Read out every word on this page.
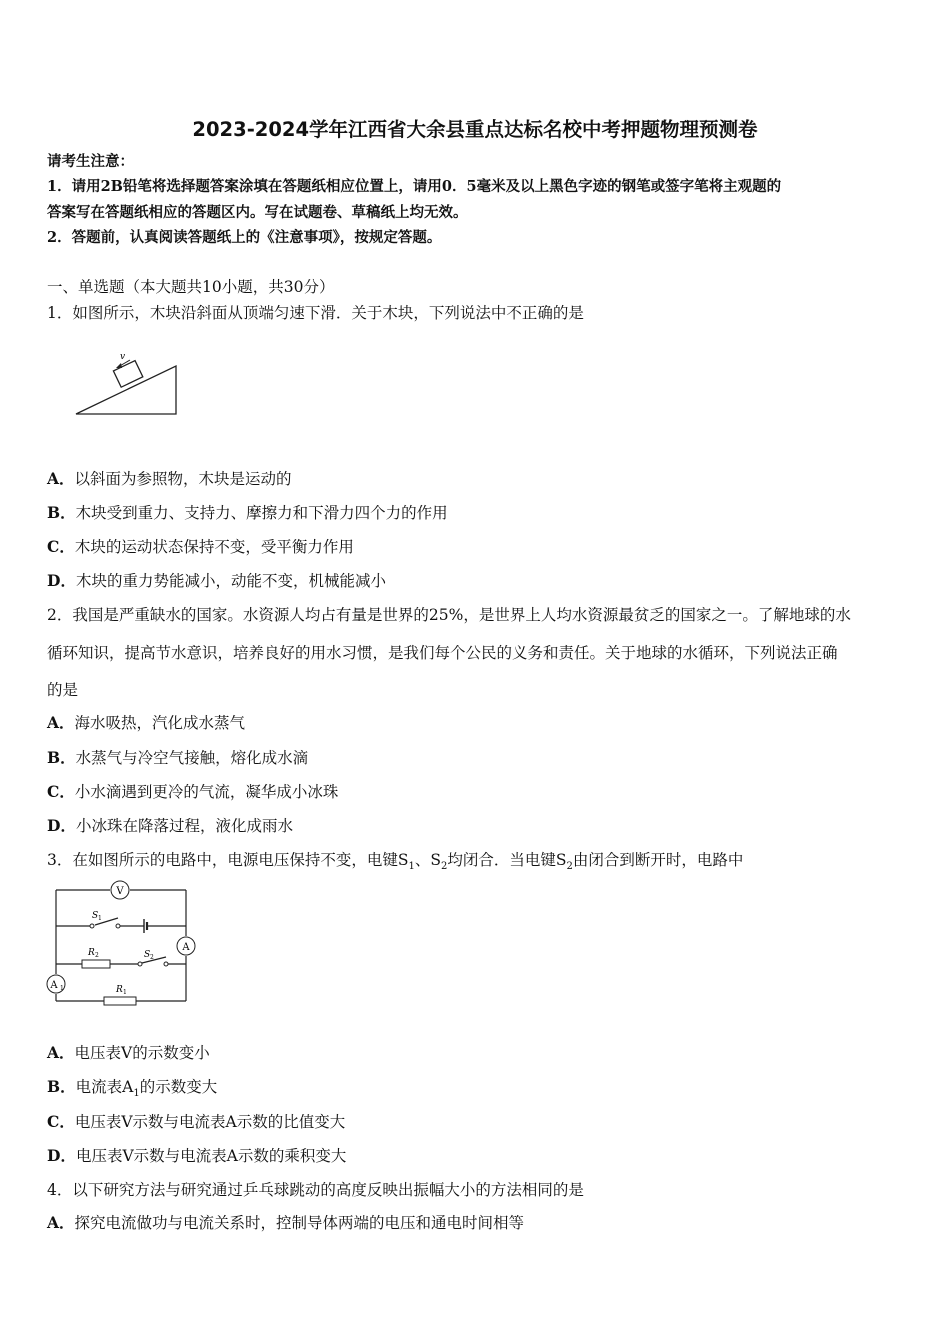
2023-2024学年江西省大余县重点达标名校中考押题物理预测卷
请考生注意：
1．请用2B铅笔将选择题答案涂填在答题纸相应位置上，请用0．5毫米及以上黑色字迹的钢笔或签字笔将主观题的
答案写在答题纸相应的答题区内。写在试题卷、草稿纸上均无效。
2．答题前，认真阅读答题纸上的《注意事项》，按规定答题。
一、单选题（本大题共10小题，共30分）
1．如图所示，木块沿斜面从顶端匀速下滑．关于木块，下列说法中不正确的是
v
A．以斜面为参照物，木块是运动的
B．木块受到重力、支持力、摩擦力和下滑力四个力的作用
C．木块的运动状态保持不变，受平衡力作用
D．木块的重力势能减小，动能不变，机械能减小
2．我国是严重缺水的国家。水资源人均占有量是世界的25%，是世界上人均水资源最贫乏的国家之一。了解地球的水
循环知识，提高节水意识，培养良好的用水习惯，是我们每个公民的义务和责任。关于地球的水循环，下列说法正确
的是
A．海水吸热，汽化成水蒸气
B．水蒸气与冷空气接触，熔化成水滴
C．小水滴遇到更冷的气流，凝华成小冰珠
D．小冰珠在降落过程，液化成雨水
3．在如图所示的电路中，电源电压保持不变，电键$S_1$、$S_2$均闭合．当电键$S_2$由闭合到断开时，电路中
V
A
A 1
S 1
S 2
R 2
R 1
A．电压表V的示数变小
B．电流表$A_1$的示数变大
C．电压表V示数与电流表A示数的比值变大
D．电压表V示数与电流表A示数的乘积变大
4．以下研究方法与研究通过乒乓球跳动的高度反映出振幅大小的方法相同的是
A．探究电流做功与电流关系时，控制导体两端的电压和通电时间相等
